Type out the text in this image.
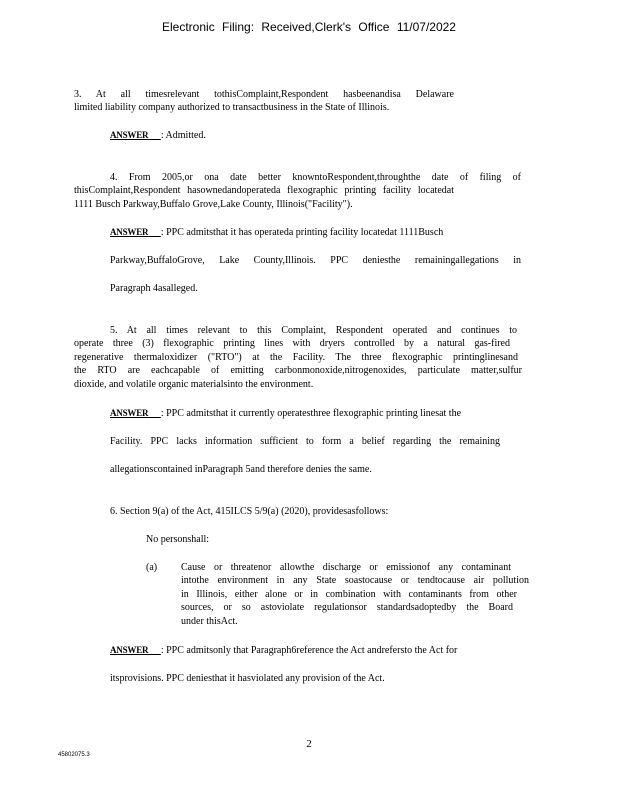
Electronic Filing: Received,Clerk's Office 11/07/2022
3. At all timesrelevant tothisComplaint,Respondent hasbeenandisa Delaware
limited liability company authorized to transactbusiness in the State of Illinois.
ANSWER : Admitted.
4. From 2005,or ona date better knowntoRespondent,throughthe date of filing of
thisComplaint,Respondent hasownedandoperateda flexographic printing facility locatedat
1111 Busch Parkway,Buffalo Grove,Lake County, Illinois("Facility").
ANSWER : PPC admitsthat it has operateda printing facility locatedat 1111Busch
Parkway,BuffaloGrove, Lake County,Illinois. PPC deniesthe remainingallegations in
Paragraph 4asalleged.
5. At all times relevant to this Complaint, Respondent operated and continues to
operate three (3) flexographic printing lines with dryers controlled by a natural gas-fired
regenerative thermaloxidizer ("RTO") at the Facility. The three flexographic printinglinesand
the RTO are eachcapable of emitting carbonmonoxide,nitrogenoxides, particulate matter,sulfur
dioxide, and volatile organic materialsinto the environment.
ANSWER : PPC admitsthat it currently operatesthree flexographic printing linesat the
Facility. PPC lacks information sufficient to form a belief regarding the remaining
allegationscontained inParagraph 5and therefore denies the same.
6. Section 9(a) of the Act, 415ILCS 5/9(a) (2020), providesasfollows:
No personshall:
(a) Cause or threatenor allowthe discharge or emissionof any contaminant
intothe environment in any State soastocause or tendtocause air pollution
in Illinois, either alone or in combination with contaminants from other
sources, or so astoviolate regulationsor standardsadoptedby the Board
under thisAct.
ANSWER : PPC admitsonly that Paragraph6reference the Act andrefersto the Act for
itsprovisions. PPC deniesthat it hasviolated any provision of the Act.
2
45802075.3
